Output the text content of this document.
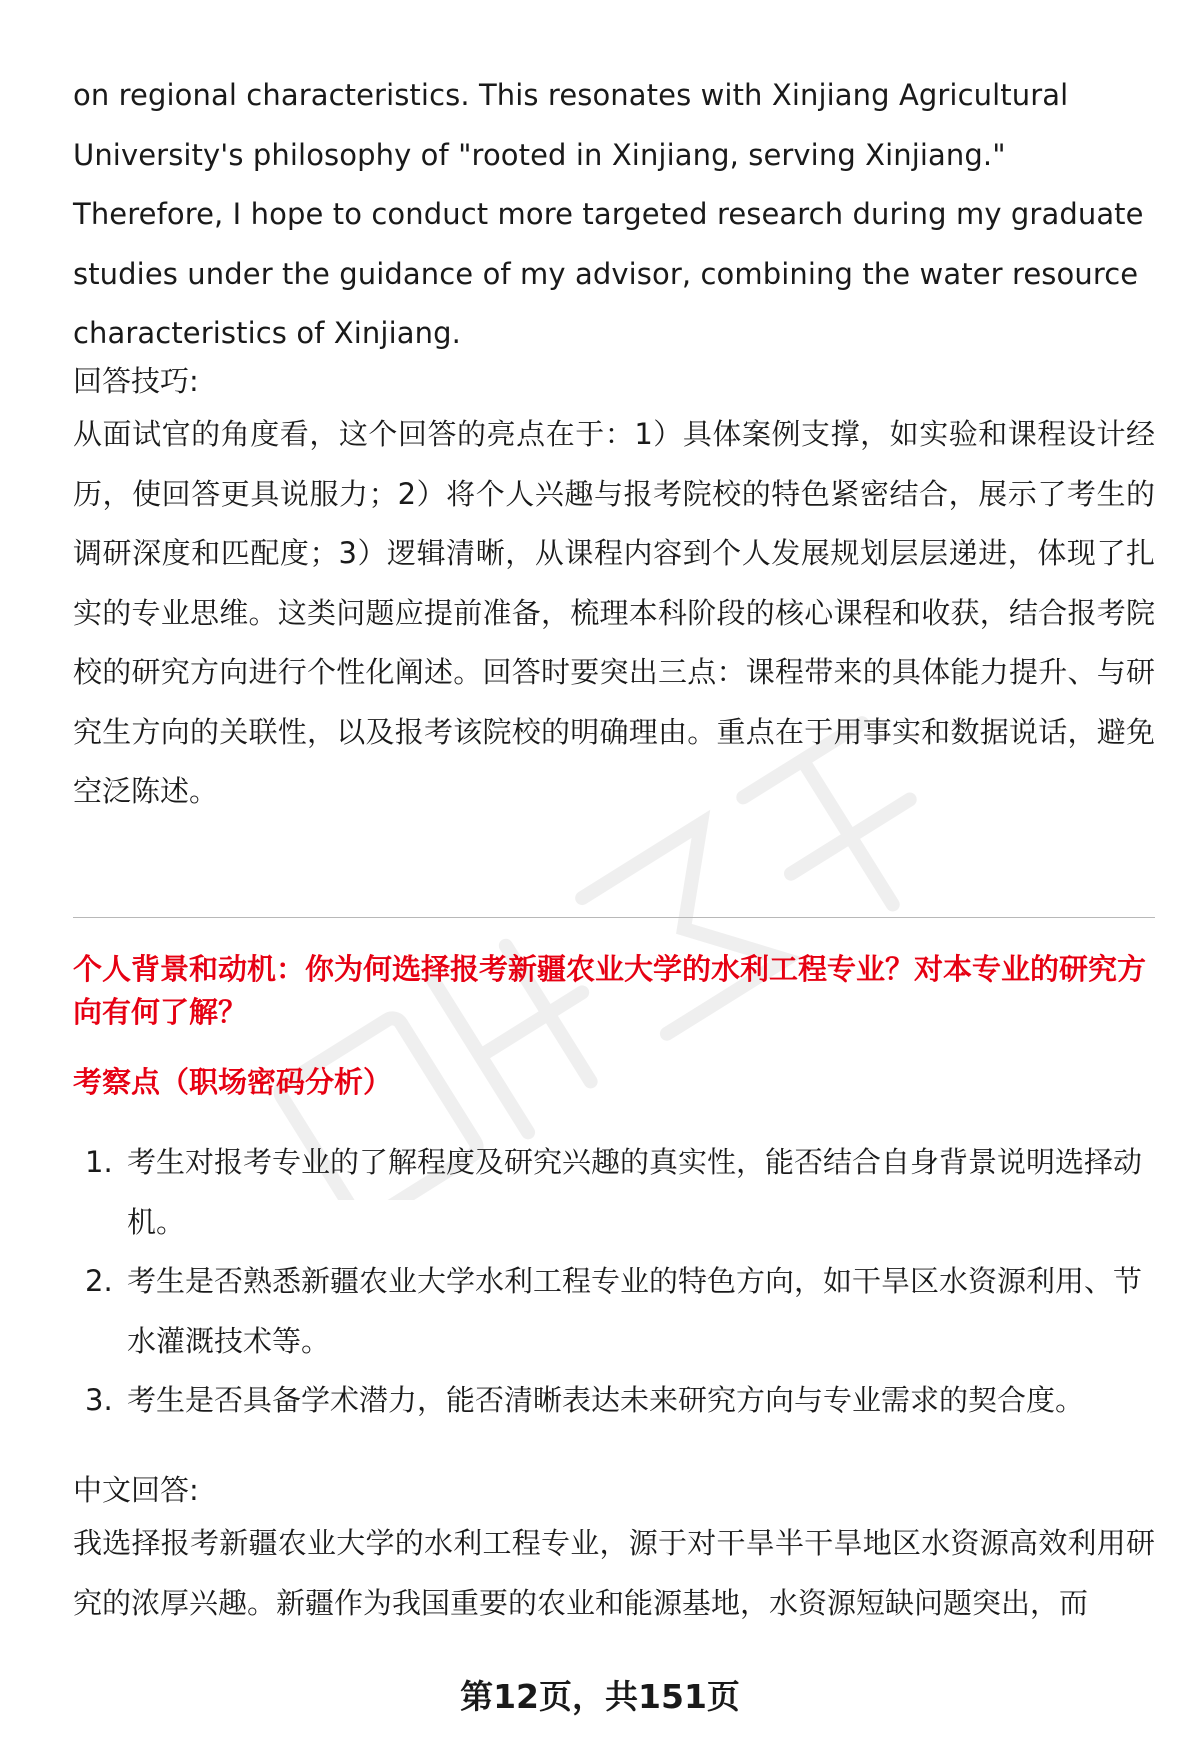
on regional characteristics. This resonates with Xinjiang Agricultural University's philosophy of "rooted in Xinjiang, serving Xinjiang." Therefore, I hope to conduct more targeted research during my graduate studies under the guidance of my advisor, combining the water resource characteristics of Xinjiang.

回答技巧:

从面试官的角度看，这个回答的亮点在于：1）具体案例支撑，如实验和课程设计经历，使回答更具说服力；2）将个人兴趣与报考院校的特色紧密结合，展示了考生的调研深度和匹配度；3）逻辑清晰，从课程内容到个人发展规划层层递进，体现了扎实的专业思维。这类问题应提前准备，梳理本科阶段的核心课程和收获，结合报考院校的研究方向进行个性化阐述。回答时要突出三点：课程带来的具体能力提升、与研究生方向的关联性，以及报考该院校的明确理由。重点在于用事实和数据说话，避免空泛陈述。

个人背景和动机：你为何选择报考新疆农业大学的水利工程专业？对本专业的研究方向有何了解？

考察点（职场密码分析）

1. 考生对报考专业的了解程度及研究兴趣的真实性，能否结合自身背景说明选择动机。
2. 考生是否熟悉新疆农业大学水利工程专业的特色方向，如干旱区水资源利用、节水灌溉技术等。
3. 考生是否具备学术潜力，能否清晰表达未来研究方向与专业需求的契合度。

中文回答:

我选择报考新疆农业大学的水利工程专业，源于对干旱半干旱地区水资源高效利用研究的浓厚兴趣。新疆作为我国重要的农业和能源基地，水资源短缺问题突出，而

第12页，共151页
